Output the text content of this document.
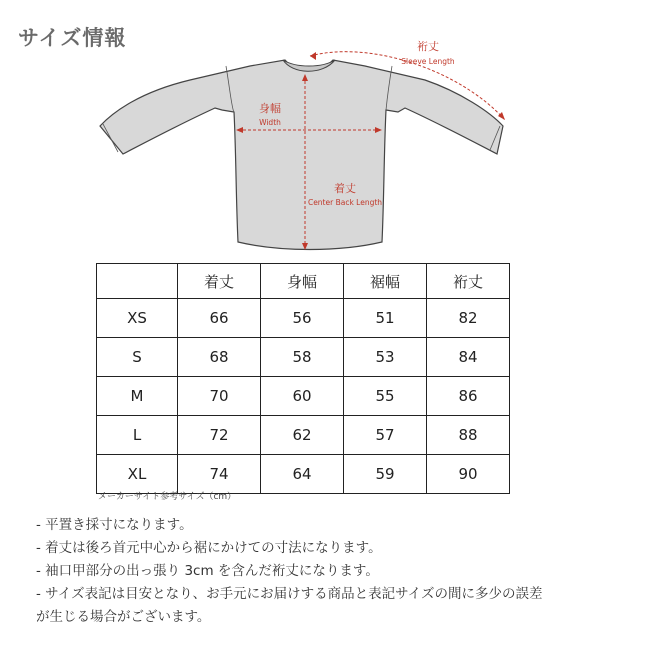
サイズ情報	裄丈
Sleeve Length
身幅
Width
着丈
Center Back Length
	着丈	身幅	裾幅	裄丈
XS	66	56	51	82
S	68	58	53	84
M	70	60	55	86
L	72	62	57	88
XL	74	64	59	90
メーカーサイト参考サイズ（cm）
- 平置き採寸になります。
- 着丈は後ろ首元中心から裾にかけての寸法になります。
- 袖口甲部分の出っ張り 3cm を含んだ裄丈になります。
- サイズ表記は目安となり、お手元にお届けする商品と表記サイズの間に多少の誤差
が生じる場合がございます。
